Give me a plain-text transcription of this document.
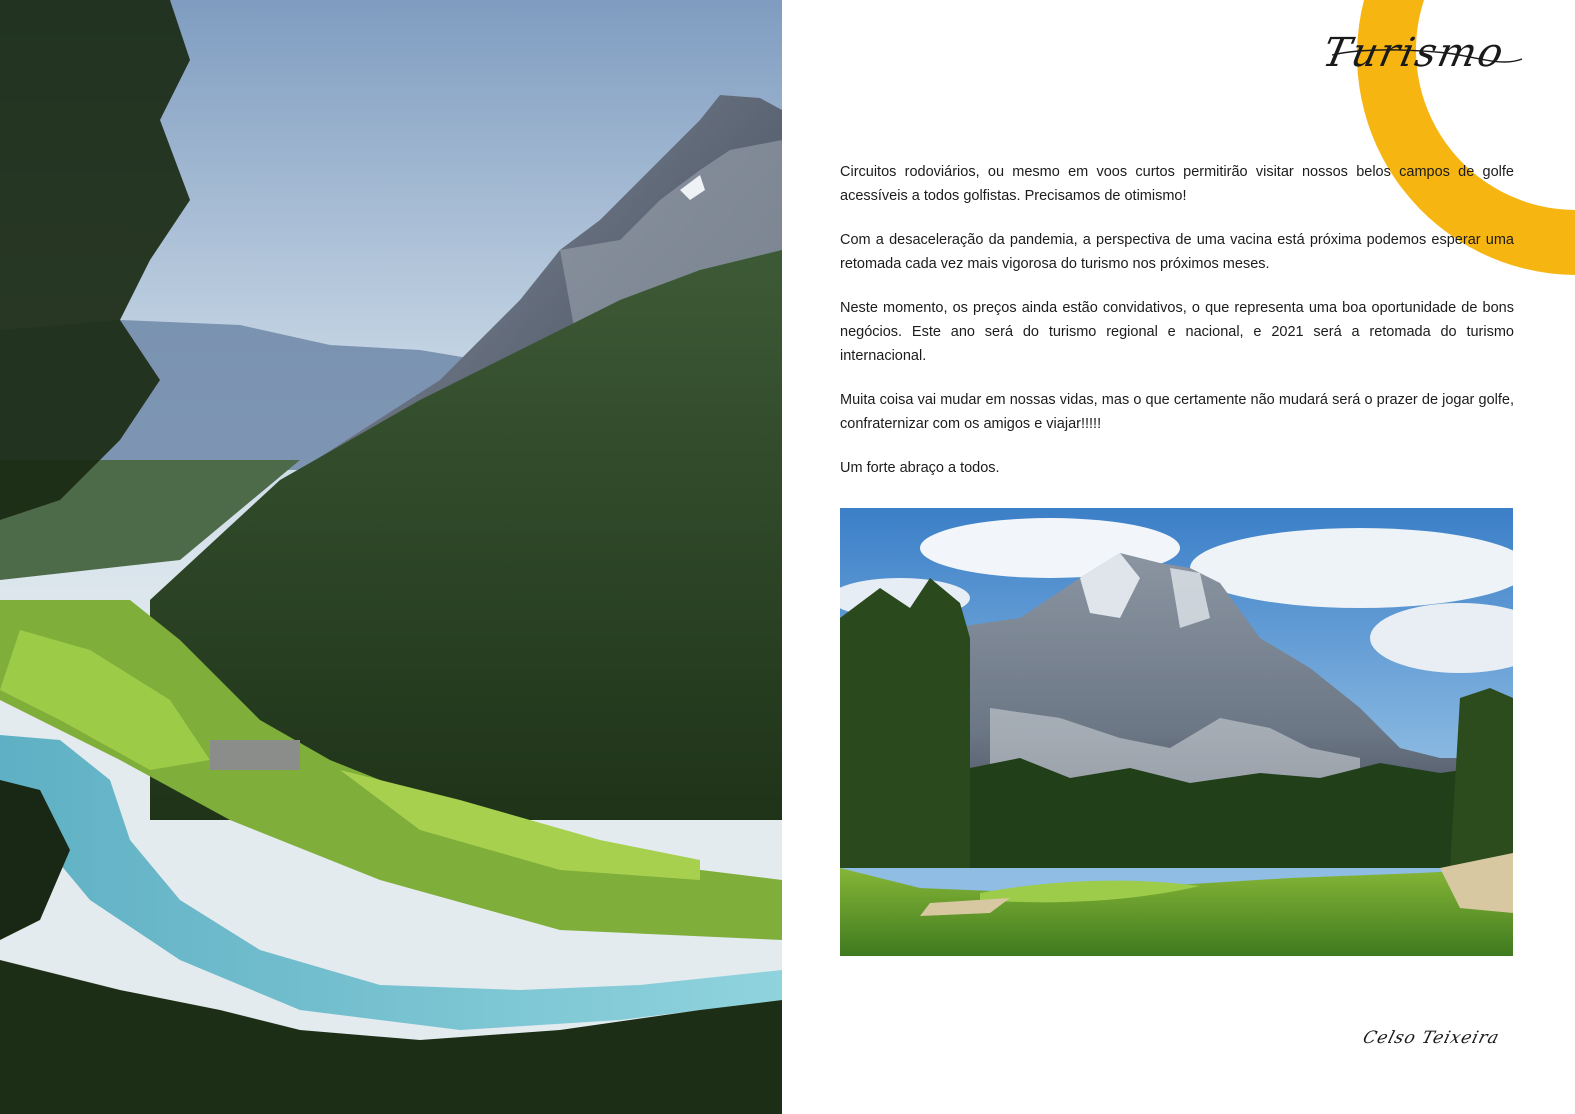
Turismo

Circuitos rodoviários, ou mesmo em voos curtos permitirão visitar nossos belos campos de golfe acessíveis a todos golfistas. Precisamos de otimismo!

Com a desaceleração da pandemia, a perspectiva de uma vacina está próxima podemos esperar uma retomada cada vez mais vigorosa do turismo nos próximos meses.

Neste momento, os preços ainda estão convidativos, o que representa uma boa oportunidade de bons negócios. Este ano será do turismo regional e nacional, e 2021 será a retomada do turismo internacional.

Muita coisa vai mudar em nossas vidas, mas o que certamente não mudará será o prazer de jogar golfe, confraternizar com os amigos e viajar!!!!!

Um forte abraço a todos.

Celso Teixeira
